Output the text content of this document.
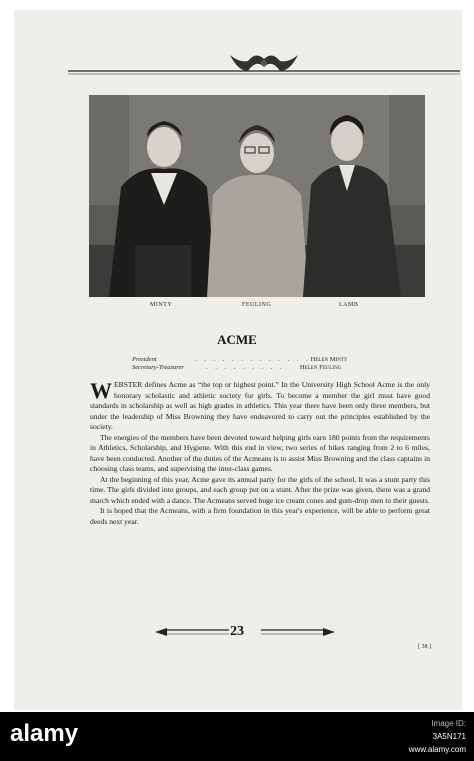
MINTY	FEULING	LAMB
ACME
President	. . . . . . . . . . . . . Helen Minty
Secretary-Treasurer	. . . . . . . . .	Helen Feuling

WEBSTER defines Acme as “the top or highest point.” In the University High School Acme is the only honorary scholastic and athletic society for girls. To become a member the girl must have good standards in scholarship as well as high grades in athletics. This year there have been only three members, but under the leadership of Miss Browning they have endeavored to carry out the principles established by the society.

The energies of the members have been devoted toward helping girls earn 180 points from the requirements in Athletics, Scholarship, and Hygiene. With this end in view, two series of hikes ranging from 2 to 6 miles, have been conducted. Another of the duties of the Acmeans is to assist Miss Browning and the class captains in choosing class teams, and supervising the inter-class games.

At the beginning of this year, Acme gave its annual party for the girls of the school. It was a stunt party this time. The girls divided into groups, and each group put on a stunt. After the prize was given, there was a grand march which ended with a dance. The Acmeans served huge ice cream cones and gum-drop men to their guests.

It is hoped that the Acmeans, with a firm foundation in this year's experience, will be able to perform great deeds next year.

23
[ 38 ]
alamy	Image ID:
3A5N171
www.alamy.com
